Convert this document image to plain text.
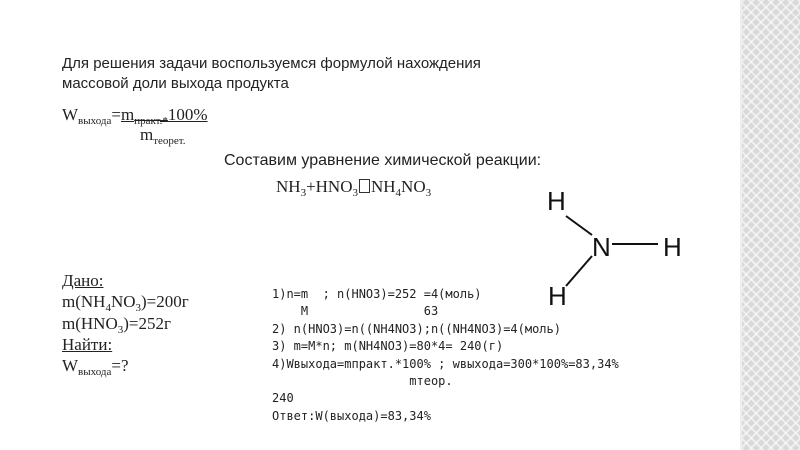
Для решения задачи воспользуемся формулой нахождения
массовой доли выхода продукта
$W_{выхода}=m_{практ.*}100\%$
$m_{теорет.}$
Составим уравнение химической реакции:
$NH_3+HNO_3$ $NH_4NO_3$	H
N H
H
Дано:
$m(NH_4NO_3)=200г$
$m(HNO_3)=252г$
Найти:
$W_{выхода}=$?
1)n=m  ; n(HNO3)=252 =4(моль)
M                63
2) n(HNO3)=n((NH4NO3);n((NH4NO3)=4(моль)
3) m=M*n; m(NH4NO3)=80*4= 240(г)
4)Wвыхода=mпракт.*100% ; wвыхода=300*100%=83,34%
mтеор.
240
Ответ:W(выхода)=83,34%
